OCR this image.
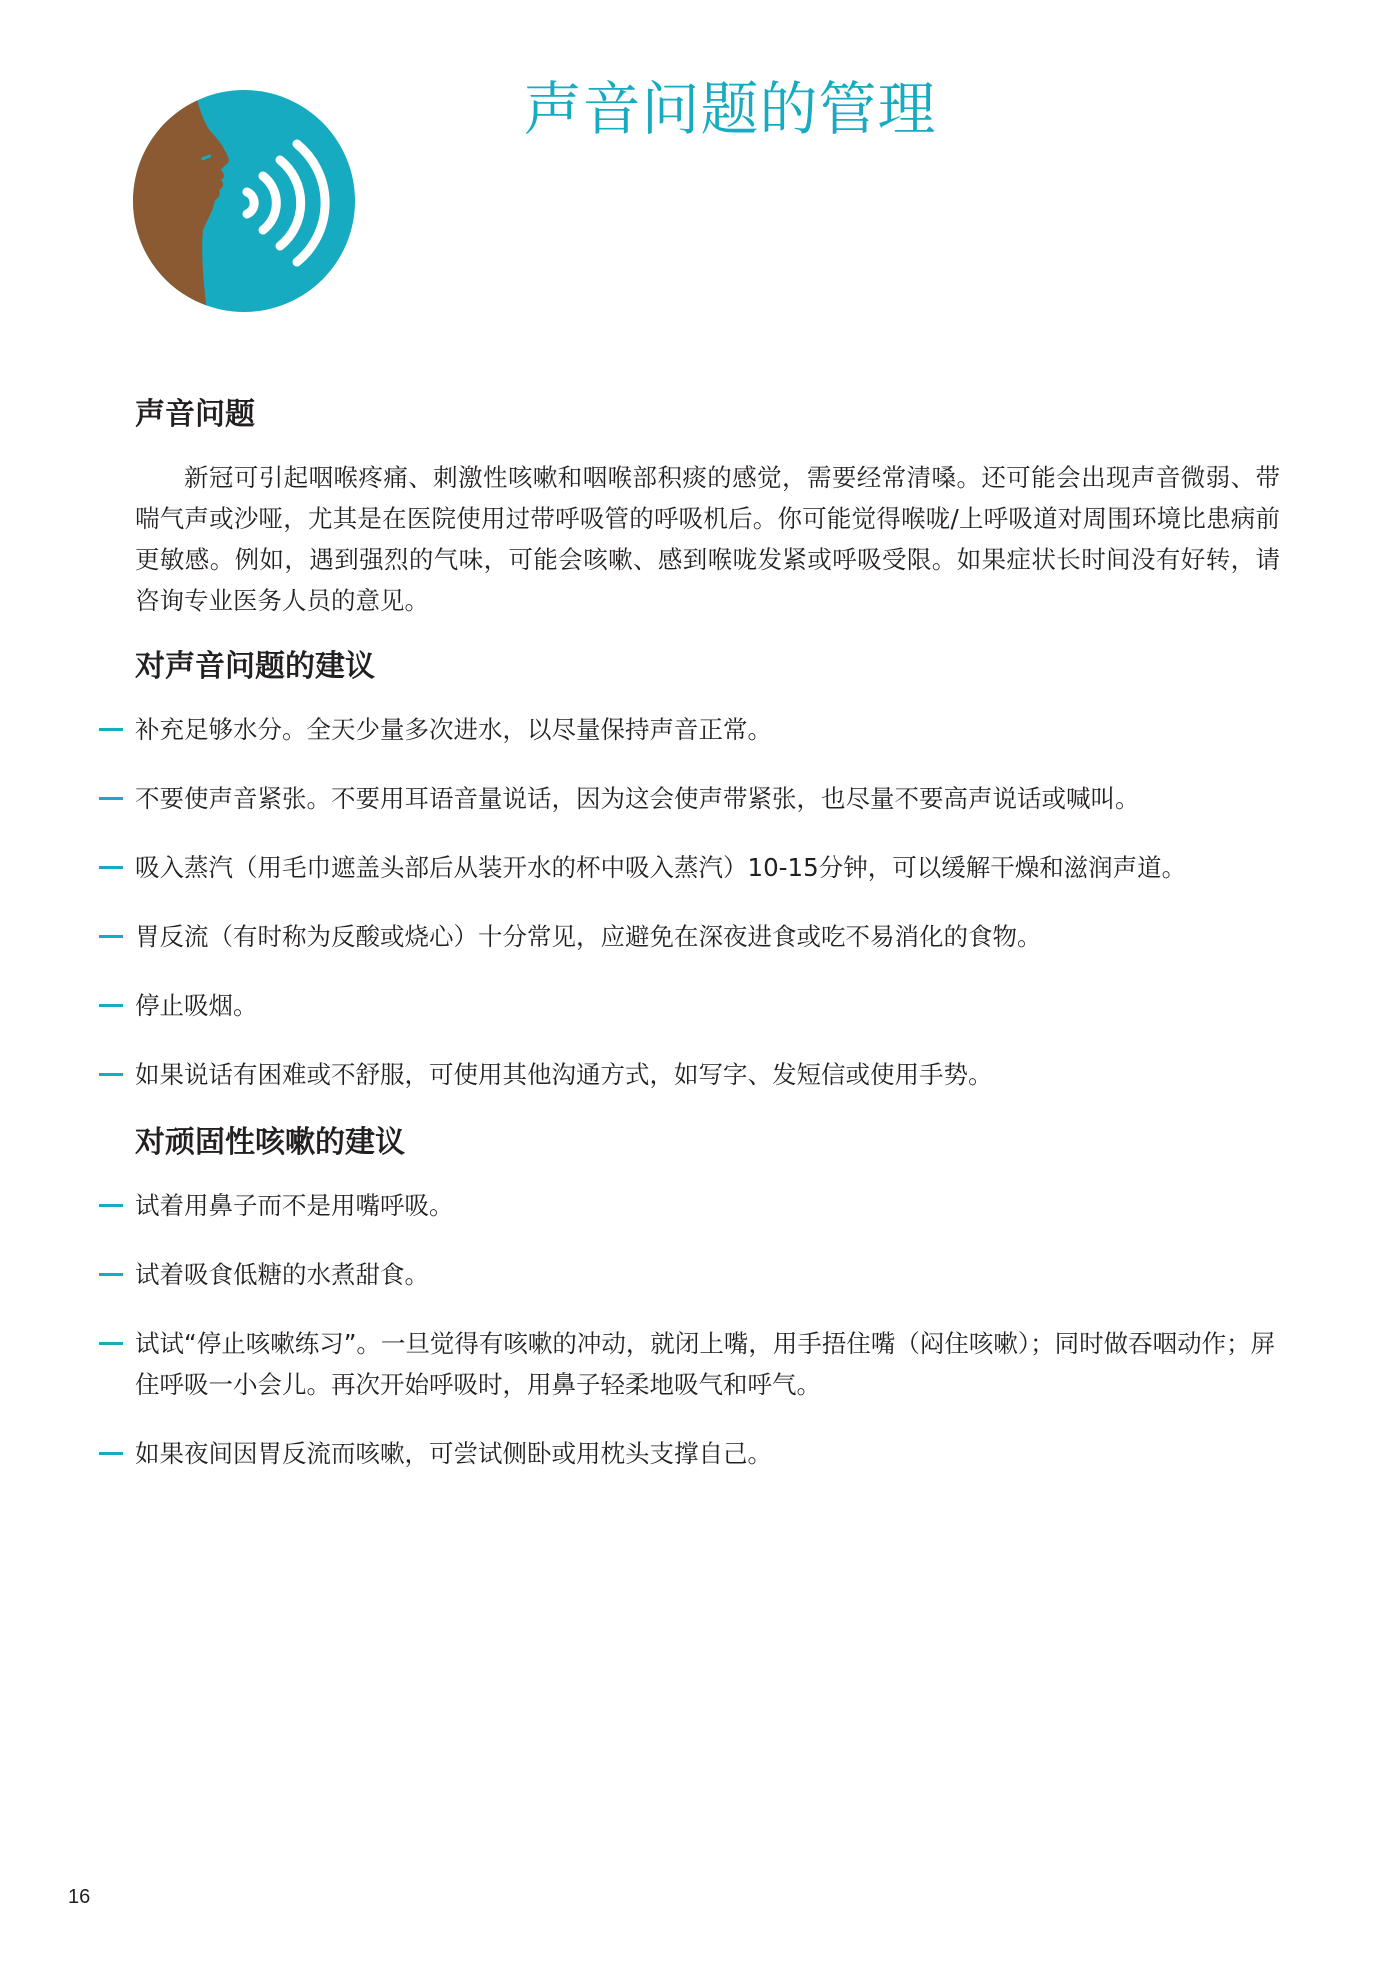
声音问题的管理
声音问题

新冠可引起咽喉疼痛、刺激性咳嗽和咽喉部积痰的感觉，需要经常清嗓。还可能会出现声音微弱、带喘气声或沙哑，尤其是在医院使用过带呼吸管的呼吸机后。你可能觉得喉咙/上呼吸道对周围环境比患病前更敏感。例如，遇到强烈的气味，可能会咳嗽、感到喉咙发紧或呼吸受限。如果症状长时间没有好转，请咨询专业医务人员的意见。

对声音问题的建议
补充足够水分。全天少量多次进水，以尽量保持声音正常。
不要使声音紧张。不要用耳语音量说话，因为这会使声带紧张，也尽量不要高声说话或喊叫。
吸入蒸汽（用毛巾遮盖头部后从装开水的杯中吸入蒸汽）10-15分钟，可以缓解干燥和滋润声道。
胃反流（有时称为反酸或烧心）十分常见，应避免在深夜进食或吃不易消化的食物。
停止吸烟。
如果说话有困难或不舒服，可使用其他沟通方式，如写字、发短信或使用手势。
对顽固性咳嗽的建议
试着用鼻子而不是用嘴呼吸。
试着吸食低糖的水煮甜食。
试试“停止咳嗽练习”。一旦觉得有咳嗽的冲动，就闭上嘴，用手捂住嘴（闷住咳嗽）；同时做吞咽动作；屏住呼吸一小会儿。再次开始呼吸时，用鼻子轻柔地吸气和呼气。
如果夜间因胃反流而咳嗽，可尝试侧卧或用枕头支撑自己。
16
